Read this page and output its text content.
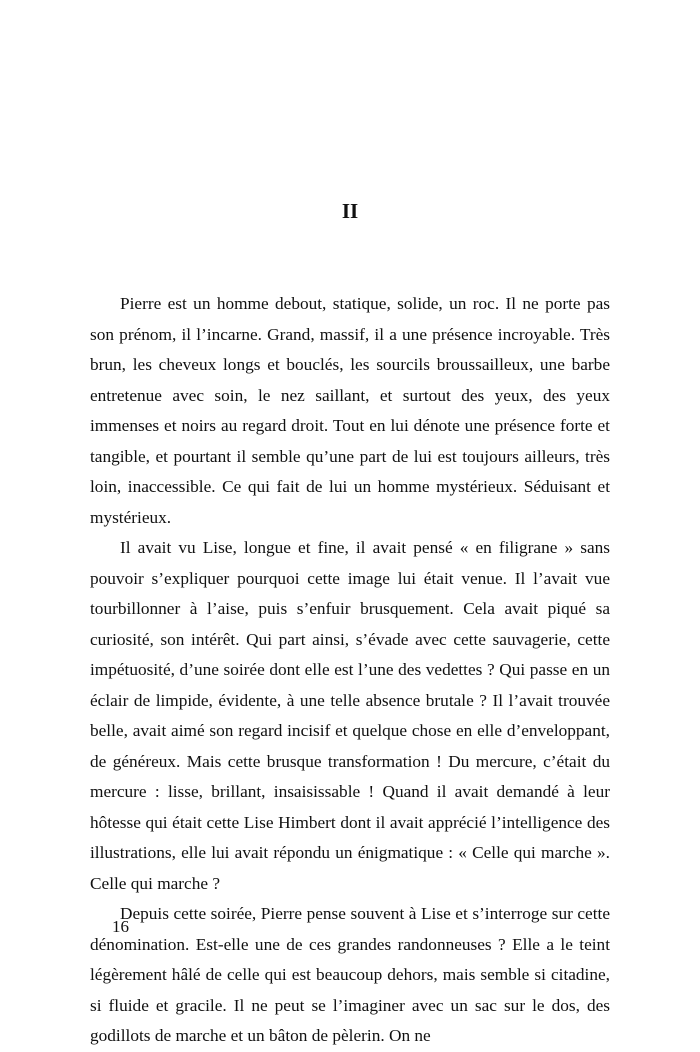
II

Pierre est un homme debout, statique, solide, un roc. Il ne porte pas son prénom, il l’incarne. Grand, massif, il a une présence incroyable. Très brun, les cheveux longs et bouclés, les sourcils broussailleux, une barbe entretenue avec soin, le nez saillant, et surtout des yeux, des yeux immenses et noirs au regard droit. Tout en lui dénote une présence forte et tangible, et pourtant il semble qu’une part de lui est toujours ailleurs, très loin, inaccessible. Ce qui fait de lui un homme mystérieux. Séduisant et mystérieux.

Il avait vu Lise, longue et fine, il avait pensé « en filigrane » sans pouvoir s’expliquer pourquoi cette image lui était venue. Il l’avait vue tourbillonner à l’aise, puis s’enfuir brusquement. Cela avait piqué sa curiosité, son intérêt. Qui part ainsi, s’évade avec cette sauvagerie, cette impétuosité, d’une soirée dont elle est l’une des vedettes ? Qui passe en un éclair de limpide, évidente, à une telle absence brutale ? Il l’avait trouvée belle, avait aimé son regard incisif et quelque chose en elle d’enveloppant, de généreux. Mais cette brusque transformation ! Du mercure, c’était du mercure : lisse, brillant, insaisissable ! Quand il avait demandé à leur hôtesse qui était cette Lise Himbert dont il avait apprécié l’intelligence des illustrations, elle lui avait répondu un énigmatique : « Celle qui marche ». Celle qui marche ?

Depuis cette soirée, Pierre pense souvent à Lise et s’interroge sur cette dénomination. Est-elle une de ces grandes randonneuses ? Elle a le teint légèrement hâlé de celle qui est beaucoup dehors, mais semble si citadine, si fluide et gracile. Il ne peut se l’imaginer avec un sac sur le dos, des godillots de marche et un bâton de pèlerin. On ne

16
